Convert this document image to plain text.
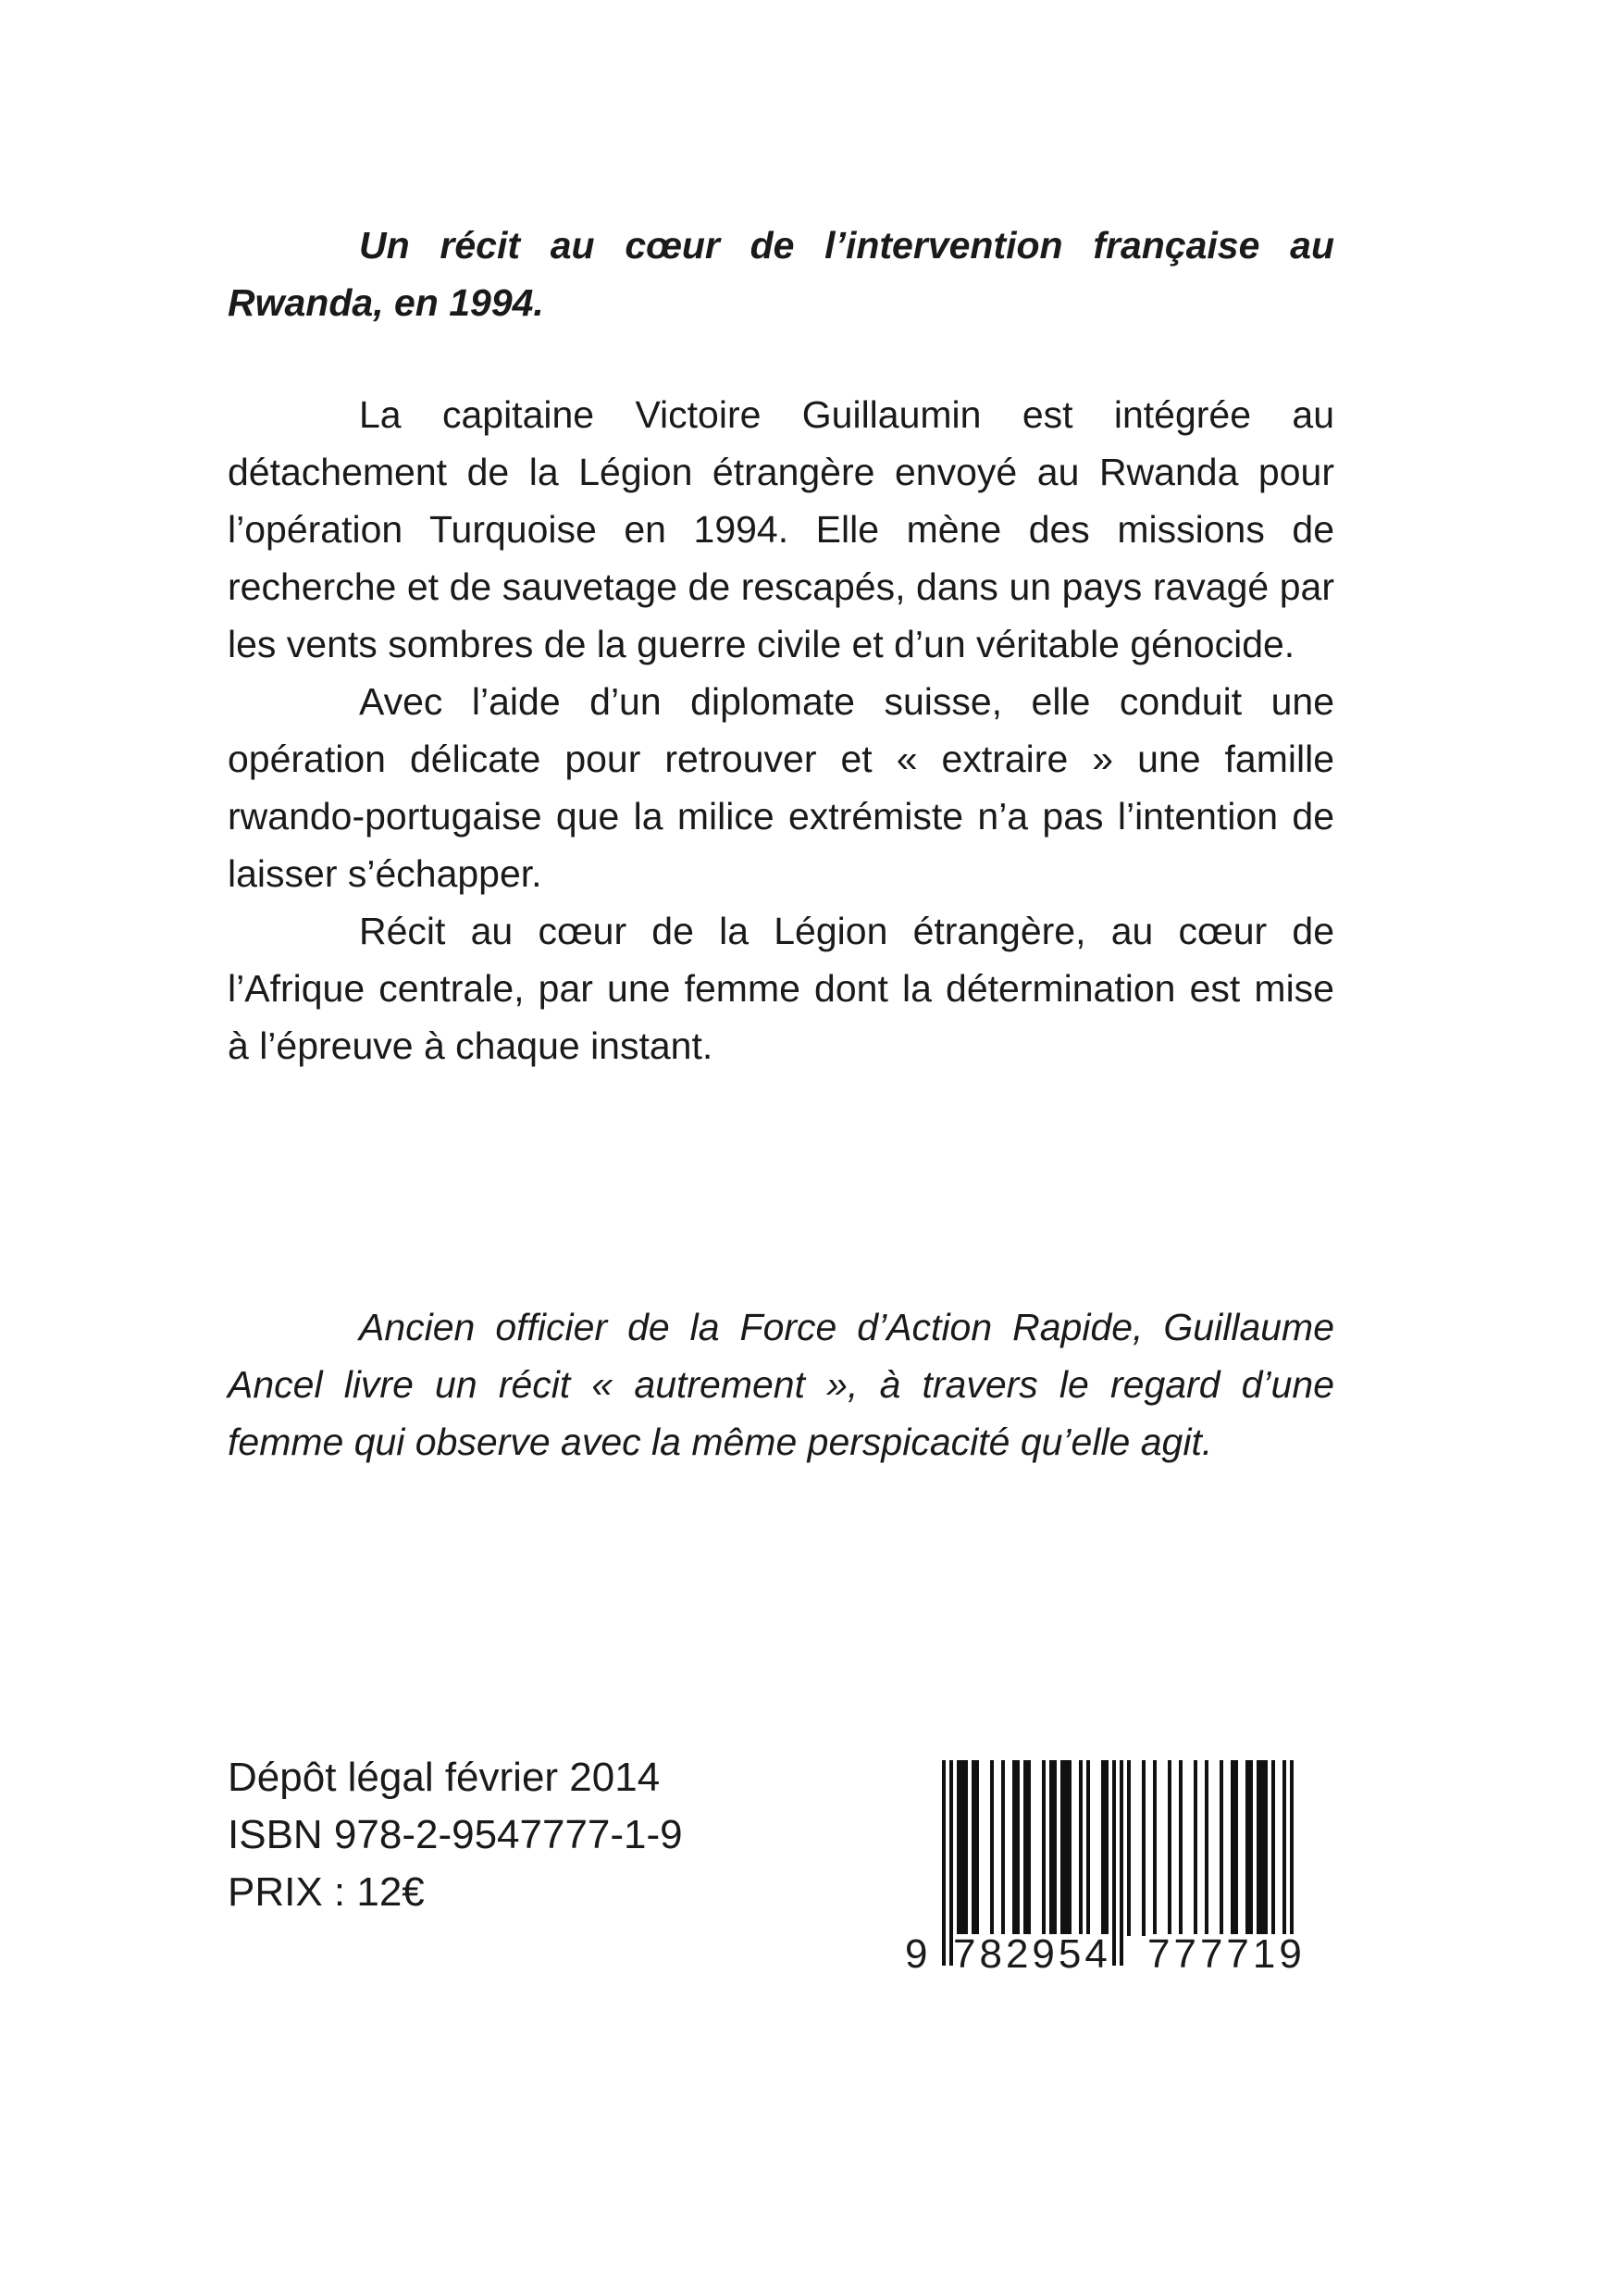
Un récit au cœur de l’intervention française au Rwanda, en 1994.

La capitaine Victoire Guillaumin est intégrée au détachement de la Légion étrangère envoyé au Rwanda pour l’opération Turquoise en 1994. Elle mène des missions de recherche et de sauvetage de rescapés, dans un pays ravagé par les vents sombres de la guerre civile et d’un véritable génocide.

Avec l’aide d’un diplomate suisse, elle conduit une opération délicate pour retrouver et « extraire » une famille rwando-portugaise que la milice extrémiste n’a pas l’intention de laisser s’échapper.

Récit au cœur de la Légion étrangère, au cœur de l’Afrique centrale, par une femme dont la détermination est mise à l’épreuve à chaque instant.

Ancien officier de la Force d’Action Rapide, Guillaume Ancel livre un récit « autrement », à travers le regard d’une femme qui observe avec la même perspicacité qu’elle agit.

Dépôt légal février 2014
ISBN 978-2-9547777-1-9
PRIX : 12€
9 782954 777719
